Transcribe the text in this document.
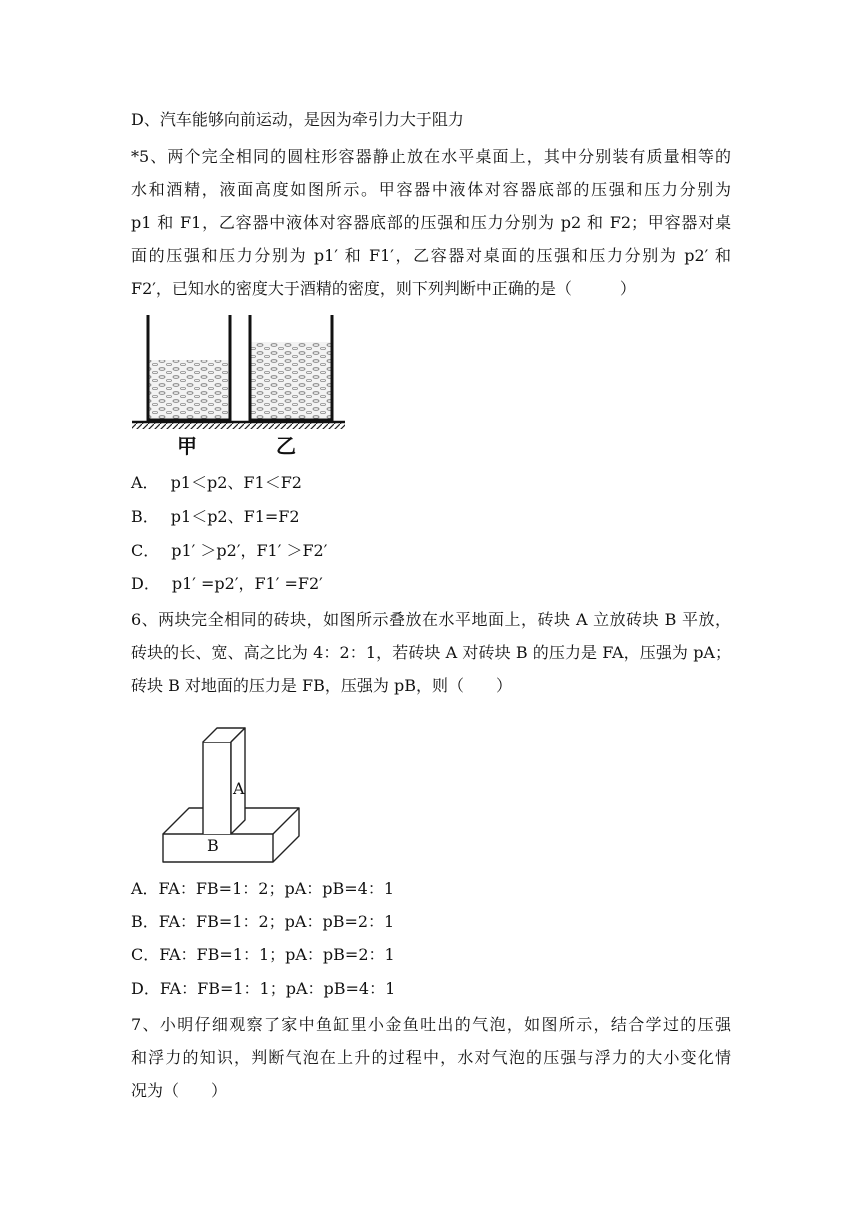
D、汽车能够向前运动，是因为牵引力大于阻力
*5、两个完全相同的圆柱形容器静止放在水平桌面上，其中分别装有质量相等的
水和酒精，液面高度如图所示。甲容器中液体对容器底部的压强和压力分别为
p1 和 F1，乙容器中液体对容器底部的压强和压力分别为 p2 和 F2；甲容器对桌
面的压强和压力分别为 p1′ 和 F1′，乙容器对桌面的压强和压力分别为 p2′ 和
F2′，已知水的密度大于酒精的密度，则下列判断中正确的是（　　　）
甲	乙
A． p1＜p2、F1＜F2
B． p1＜p2、F1=F2
C． p1′ ＞p2′，F1′ ＞F2′
D． p1′ =p2′，F1′ =F2′
6、两块完全相同的砖块，如图所示叠放在水平地面上，砖块 A 立放砖块 B 平放，
砖块的长、宽、高之比为 4：2：1，若砖块 A 对砖块 B 的压力是 FA，压强为 pA；
砖块 B 对地面的压力是 FB，压强为 pB，则（　　）
A
B
A．FA：FB=1：2；pA：pB=4：1
B．FA：FB=1：2；pA：pB=2：1
C．FA：FB=1：1；pA：pB=2：1
D．FA：FB=1：1；pA：pB=4：1
7、小明仔细观察了家中鱼缸里小金鱼吐出的气泡，如图所示，结合学过的压强
和浮力的知识，判断气泡在上升的过程中，水对气泡的压强与浮力的大小变化情
况为（　　）
